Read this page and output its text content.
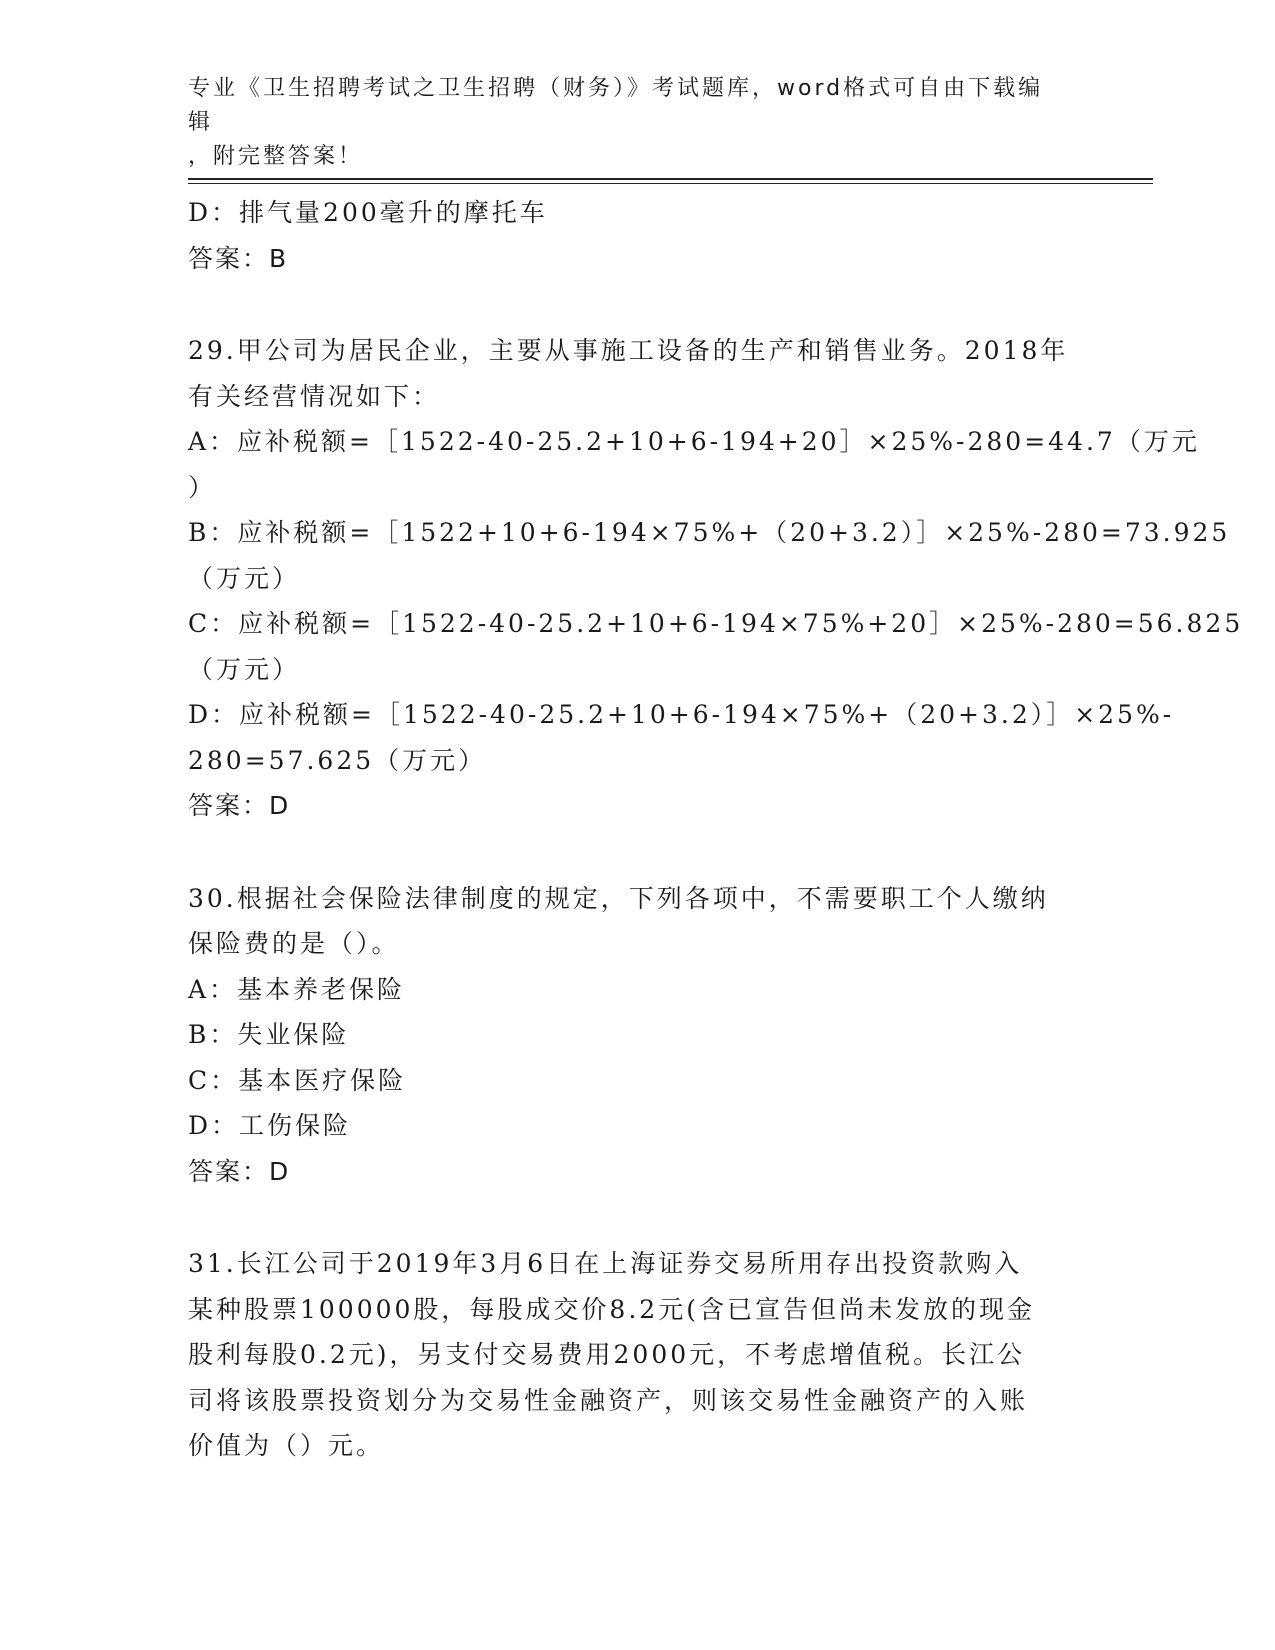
专业《卫生招聘考试之卫生招聘（财务）》考试题库，word格式可自由下载编辑
，附完整答案！
D：排气量200毫升的摩托车
答案：B
29.甲公司为居民企业，主要从事施工设备的生产和销售业务。2018年
有关经营情况如下：
A：应补税额=［1522-40-25.2+10+6-194+20］×25%-280=44.7（万元
）
B：应补税额=［1522+10+6-194×75%+（20+3.2）］×25%-280=73.925
（万元）
C：应补税额=［1522-40-25.2+10+6-194×75%+20］×25%-280=56.825
（万元）
D：应补税额=［1522-40-25.2+10+6-194×75%+（20+3.2）］×25%-
280=57.625（万元）
答案：D
30.根据社会保险法律制度的规定，下列各项中，不需要职工个人缴纳
保险费的是（）。
A：基本养老保险
B：失业保险
C：基本医疗保险
D：工伤保险
答案：D
31.长江公司于2019年3月6日在上海证券交易所用存出投资款购入
某种股票100000股，每股成交价8.2元(含已宣告但尚未发放的现金
股利每股0.2元)，另支付交易费用2000元，不考虑增值税。长江公
司将该股票投资划分为交易性金融资产，则该交易性金融资产的入账
价值为（）元。
